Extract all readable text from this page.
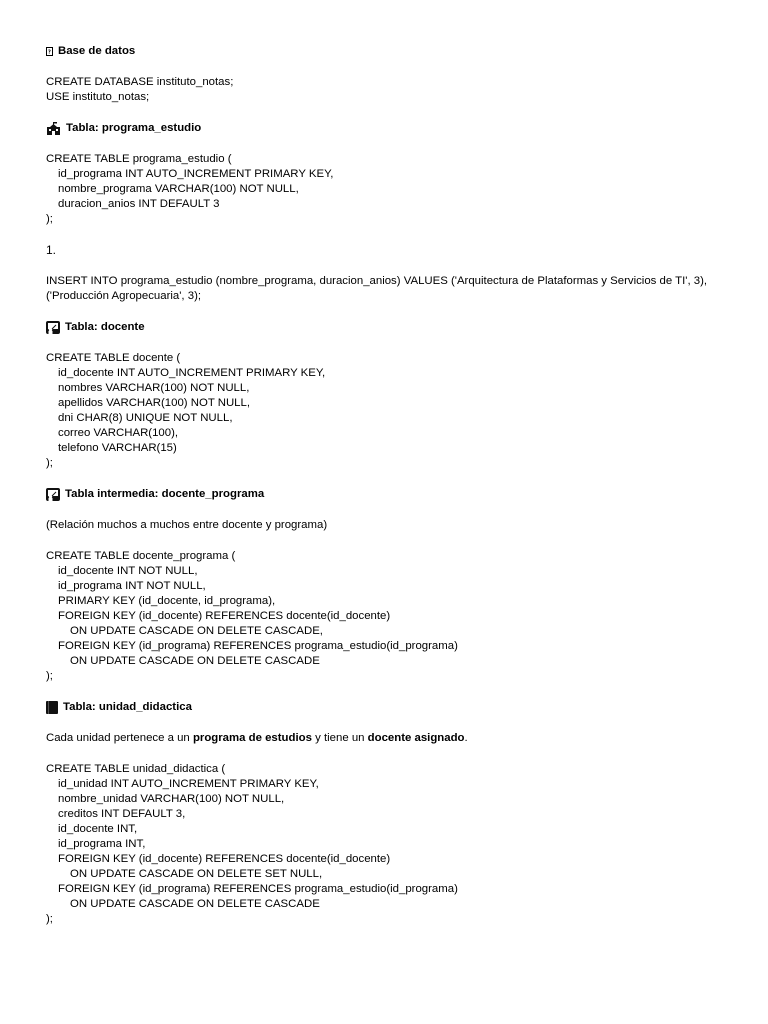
? Base de datos
CREATE DATABASE instituto_notas;
USE instituto_notas;
Tabla: programa_estudio
CREATE TABLE programa_estudio (
id_programa INT AUTO_INCREMENT PRIMARY KEY,
nombre_programa VARCHAR(100) NOT NULL,
duracion_anios INT DEFAULT 3
);
1.
INSERT INTO programa_estudio (nombre_programa, duracion_anios) VALUES ('Arquitectura de Plataformas y Servicios de TI', 3), ('Producción Agropecuaria', 3);
Tabla: docente
CREATE TABLE docente (
id_docente INT AUTO_INCREMENT PRIMARY KEY,
nombres VARCHAR(100) NOT NULL,
apellidos VARCHAR(100) NOT NULL,
dni CHAR(8) UNIQUE NOT NULL,
correo VARCHAR(100),
telefono VARCHAR(15)
);
Tabla intermedia: docente_programa
(Relación muchos a muchos entre docente y programa)
CREATE TABLE docente_programa (
id_docente INT NOT NULL,
id_programa INT NOT NULL,
PRIMARY KEY (id_docente, id_programa),
FOREIGN KEY (id_docente) REFERENCES docente(id_docente)
ON UPDATE CASCADE ON DELETE CASCADE,
FOREIGN KEY (id_programa) REFERENCES programa_estudio(id_programa)
ON UPDATE CASCADE ON DELETE CASCADE
);
Tabla: unidad_didactica
Cada unidad pertenece a un programa de estudios y tiene un docente asignado.
CREATE TABLE unidad_didactica (
id_unidad INT AUTO_INCREMENT PRIMARY KEY,
nombre_unidad VARCHAR(100) NOT NULL,
creditos INT DEFAULT 3,
id_docente INT,
id_programa INT,
FOREIGN KEY (id_docente) REFERENCES docente(id_docente)
ON UPDATE CASCADE ON DELETE SET NULL,
FOREIGN KEY (id_programa) REFERENCES programa_estudio(id_programa)
ON UPDATE CASCADE ON DELETE CASCADE
);
